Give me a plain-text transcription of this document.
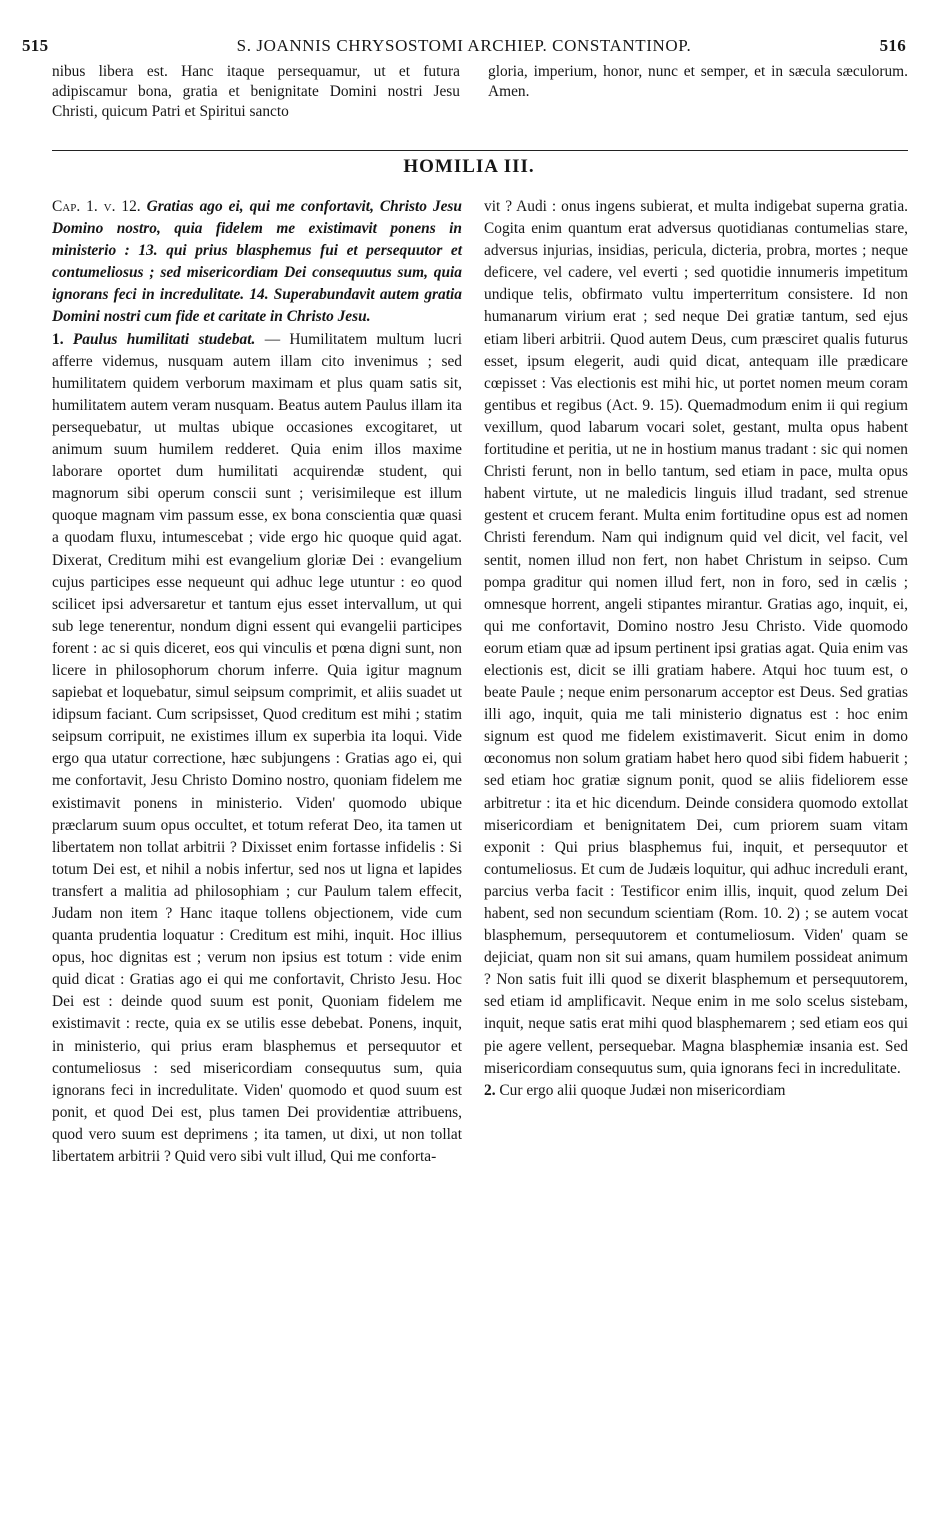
515	S. JOANNIS CHRYSOSTOMI ARCHIEP. CONSTANTINOP.	516
nibus libera est. Hanc itaque persequamur, ut et futura adipiscamur bona, gratia et benignitate Domini nostri Jesu Christi, quicum Patri et Spiritui sancto
gloria, imperium, honor, nunc et semper, et in sæcula sæculorum. Amen.
HOMILIA III.

Cap. 1. v. 12. Gratias ago ei, qui me confortavit, Christo Jesu Domino nostro, quia fidelem me existimavit ponens in ministerio : 13. qui prius blasphemus fui et persequutor et contumeliosus ; sed misericordiam Dei consequutus sum, quia ignorans feci in incredulitate. 14. Superabundavit autem gratia Domini nostri cum fide et caritate in Christo Jesu.

1. Paulus humilitati studebat. — Humilitatem multum lucri afferre videmus, nusquam autem illam cito invenimus ; sed humilitatem quidem verborum maximam et plus quam satis sit, humilitatem autem veram nusquam. Beatus autem Paulus illam ita persequebatur, ut multas ubique occasiones excogitaret, ut animum suum humilem redderet. Quia enim illos maxime laborare oportet dum humilitati acquirendæ student, qui magnorum sibi operum conscii sunt ; verisimileque est illum quoque magnam vim passum esse, ex bona conscientia quæ quasi a quodam fluxu, intumescebat ; vide ergo hic quoque quid agat. Dixerat, Creditum mihi est evangelium gloriæ Dei : evangelium cujus participes esse nequeunt qui adhuc lege utuntur : eo quod scilicet ipsi adversaretur et tantum ejus esset intervallum, ut qui sub lege tenerentur, nondum digni essent qui evangelii participes forent : ac si quis diceret, eos qui vinculis et pœna digni sunt, non licere in philosophorum chorum inferre. Quia igitur magnum sapiebat et loquebatur, simul seipsum comprimit, et aliis suadet ut idipsum faciant. Cum scripsisset, Quod creditum est mihi ; statim seipsum corripuit, ne existimes illum ex superbia ita loqui. Vide ergo qua utatur correctione, hæc subjungens : Gratias ago ei, qui me confortavit, Jesu Christo Domino nostro, quoniam fidelem me existimavit ponens in ministerio. Viden' quomodo ubique præclarum suum opus occultet, et totum referat Deo, ita tamen ut libertatem non tollat arbitrii ? Dixisset enim fortasse infidelis : Si totum Dei est, et nihil a nobis infertur, sed nos ut ligna et lapides transfert a malitia ad philosophiam ; cur Paulum talem effecit, Judam non item ? Hanc itaque tollens objectionem, vide cum quanta prudentia loquatur : Creditum est mihi, inquit. Hoc illius opus, hoc dignitas est ; verum non ipsius est totum : vide enim quid dicat : Gratias ago ei qui me confortavit, Christo Jesu. Hoc Dei est : deinde quod suum est ponit, Quoniam fidelem me existimavit : recte, quia ex se utilis esse debebat. Ponens, inquit, in ministerio, qui prius eram blasphemus et persequutor et contumeliosus : sed misericordiam consequutus sum, quia ignorans feci in incredulitate. Viden' quomodo et quod suum est ponit, et quod Dei est, plus tamen Dei providentiæ attribuens, quod vero suum est deprimens ; ita tamen, ut dixi, ut non tollat libertatem arbitrii ? Quid vero sibi vult illud, Qui me conforta-

vit ? Audi : onus ingens subierat, et multa indigebat superna gratia. Cogita enim quantum erat adversus quotidianas contumelias stare, adversus injurias, insidias, pericula, dicteria, probra, mortes ; neque deficere, vel cadere, vel everti ; sed quotidie innumeris impetitum undique telis, obfirmato vultu imperterritum consistere. Id non humanarum virium erat ; sed neque Dei gratiæ tantum, sed ejus etiam liberi arbitrii. Quod autem Deus, cum præsciret qualis futurus esset, ipsum elegerit, audi quid dicat, antequam ille prædicare cœpisset : Vas electionis est mihi hic, ut portet nomen meum coram gentibus et regibus (Act. 9. 15). Quemadmodum enim ii qui regium vexillum, quod labarum vocari solet, gestant, multa opus habent fortitudine et peritia, ut ne in hostium manus tradant : sic qui nomen Christi ferunt, non in bello tantum, sed etiam in pace, multa opus habent virtute, ut ne maledicis linguis illud tradant, sed strenue gestent et crucem ferant. Multa enim fortitudine opus est ad nomen Christi ferendum. Nam qui indignum quid vel dicit, vel facit, vel sentit, nomen illud non fert, non habet Christum in seipso. Cum pompa graditur qui nomen illud fert, non in foro, sed in cælis ; omnesque horrent, angeli stipantes mirantur. Gratias ago, inquit, ei, qui me confortavit, Domino nostro Jesu Christo. Vide quomodo eorum etiam quæ ad ipsum pertinent ipsi gratias agat. Quia enim vas electionis est, dicit se illi gratiam habere. Atqui hoc tuum est, o beate Paule ; neque enim personarum acceptor est Deus. Sed gratias illi ago, inquit, quia me tali ministerio dignatus est : hoc enim signum est quod me fidelem existimaverit. Sicut enim in domo œconomus non solum gratiam habet hero quod sibi fidem habuerit ; sed etiam hoc gratiæ signum ponit, quod se aliis fideliorem esse arbitretur : ita et hic dicendum. Deinde considera quomodo extollat misericordiam et benignitatem Dei, cum priorem suam vitam exponit : Qui prius blasphemus fui, inquit, et persequutor et contumeliosus. Et cum de Judæis loquitur, qui adhuc increduli erant, parcius verba facit : Testificor enim illis, inquit, quod zelum Dei habent, sed non secundum scientiam (Rom. 10. 2) ; se autem vocat blasphemum, persequutorem et contumeliosum. Viden' quam se dejiciat, quam non sit sui amans, quam humilem possideat animum ? Non satis fuit illi quod se dixerit blasphemum et persequutorem, sed etiam id amplificavit. Neque enim in me solo scelus sistebam, inquit, neque satis erat mihi quod blasphemarem ; sed etiam eos qui pie agere vellent, persequebar. Magna blasphemiæ insania est. Sed misericordiam consequutus sum, quia ignorans feci in incredulitate.

2. Cur ergo alii quoque Judæi non misericordiam
